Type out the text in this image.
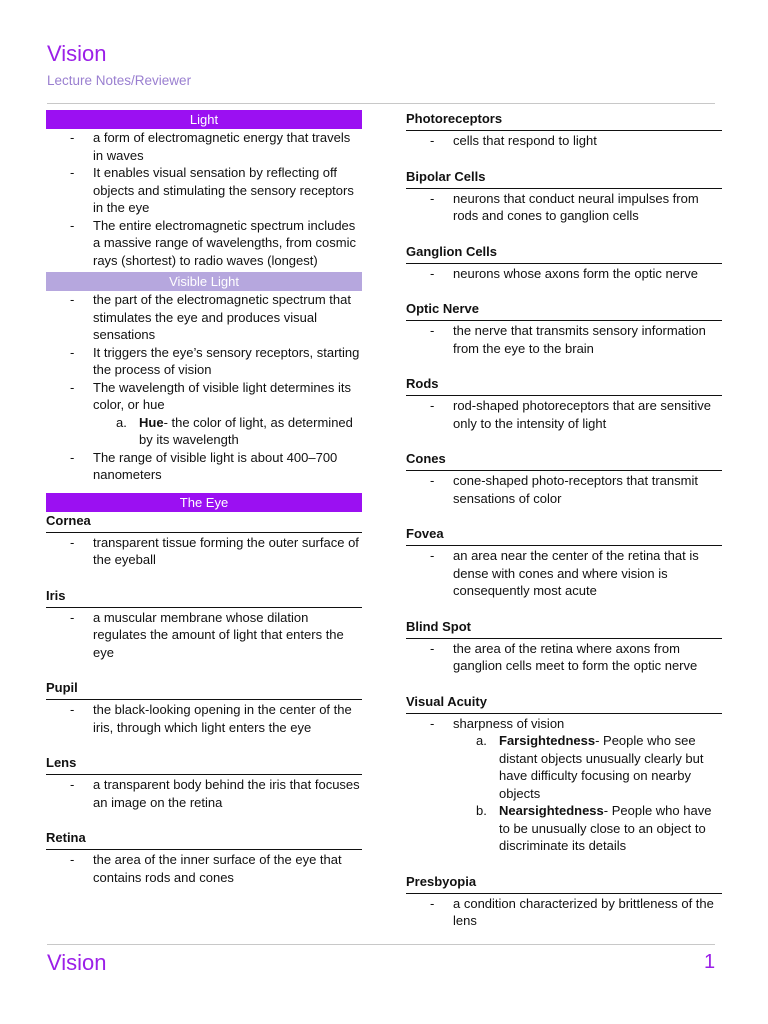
Vision
Lecture Notes/Reviewer
Light
- a form of electromagnetic energy that travels in waves
- It enables visual sensation by reflecting off objects and stimulating the sensory receptors in the eye
- The entire electromagnetic spectrum includes a massive range of wavelengths, from cosmic rays (shortest) to radio waves (longest)
Visible Light
- the part of the electromagnetic spectrum that stimulates the eye and produces visual sensations
- It triggers the eye’s sensory receptors, starting the process of vision
- The wavelength of visible light determines its color, or hue
a. Hue- the color of light, as determined by its wavelength
- The range of visible light is about 400–700 nanometers
The Eye
Cornea
- transparent tissue forming the outer surface of the eyeball
Iris
- a muscular membrane whose dilation regulates the amount of light that enters the eye
Pupil
- the black-looking opening in the center of the iris, through which light enters the eye
Lens
- a transparent body behind the iris that focuses an image on the retina
Retina
- the area of the inner surface of the eye that contains rods and cones
Photoreceptors
- cells that respond to light
Bipolar Cells
- neurons that conduct neural impulses from rods and cones to ganglion cells
Ganglion Cells
- neurons whose axons form the optic nerve
Optic Nerve
- the nerve that transmits sensory information from the eye to the brain
Rods
- rod-shaped photoreceptors that are sensitive only to the intensity of light
Cones
- cone-shaped photo-receptors that transmit sensations of color
Fovea
- an area near the center of the retina that is dense with cones and where vision is consequently most acute
Blind Spot
- the area of the retina where axons from ganglion cells meet to form the optic nerve
Visual Acuity
- sharpness of vision
a. Farsightedness- People who see distant objects unusually clearly but have difficulty focusing on nearby objects
b. Nearsightedness- People who have to be unusually close to an object to discriminate its details
Presbyopia
- a condition characterized by brittleness of the lens
Vision	1
